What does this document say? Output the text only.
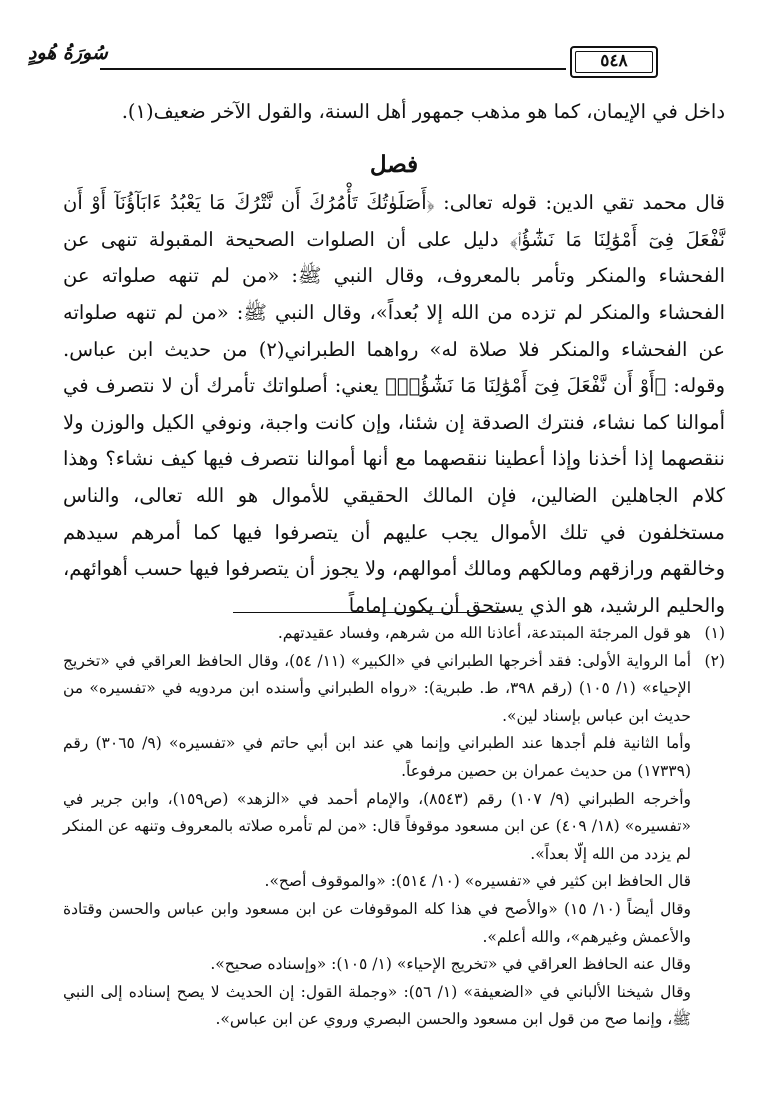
سُورَةُ هُودٍ	٥٤٨

داخل في الإيمان، كما هو مذهب جمهور أهل السنة، والقول الآخر ضعيف(١).

فصل

قال محمد تقي الدين: قوله تعالى: ﴿أَصَلَوٰتُكَ تَأْمُرُكَ أَن نَّتْرُكَ مَا يَعْبُدُ ءَابَآؤُنَآ أَوْ أَن نَّفْعَلَ فِىٓ أَمْوَٰلِنَا مَا نَشَٰٓؤُا۟﴾ دليل على أن الصلوات الصحيحة المقبولة تنهى عن الفحشاء والمنكر وتأمر بالمعروف، وقال النبي ﷺ: «من لم تنهه صلواته عن الفحشاء والمنكر لم تزده من الله إلا بُعداً»، وقال النبي ﷺ: «من لم تنهه صلواته عن الفحشاء والمنكر فلا صلاة له» رواهما الطبراني(٢) من حديث ابن عباس. وقوله: ﴿أَوْ أَن نَّفْعَلَ فِىٓ أَمْوَٰلِنَا مَا نَشَٰٓؤُا۟﴾ يعني: أصلواتك تأمرك أن لا نتصرف في أموالنا كما نشاء، فنترك الصدقة إن شئنا، وإن كانت واجبة، ونوفي الكيل والوزن ولا ننقصهما إذا أخذنا وإذا أعطينا ننقصهما مع أنها أموالنا نتصرف فيها كيف نشاء؟ وهذا كلام الجاهلين الضالين، فإن المالك الحقيقي للأموال هو الله تعالى، والناس مستخلفون في تلك الأموال يجب عليهم أن يتصرفوا فيها كما أمرهم سيدهم وخالقهم ورازقهم ومالكهم ومالك أموالهم، ولا يجوز أن يتصرفوا فيها حسب أهوائهم، والحليم الرشيد، هو الذي يستحق أن يكون إماماً

(١)

هو قول المرجئة المبتدعة، أعاذنا الله من شرهم، وفساد عقيدتهم.

(٢)

أما الرواية الأولى: فقد أخرجها الطبراني في «الكبير» (١١/ ٥٤)، وقال الحافظ العراقي في «تخريج الإحياء» (١/ ١٠٥) (رقم ٣٩٨، ط. طبرية): «رواه الطبراني وأسنده ابن مردويه في «تفسيره» من حديث ابن عباس بإسناد لين».

وأما الثانية فلم أجدها عند الطبراني وإنما هي عند ابن أبي حاتم في «تفسيره» (٩/ ٣٠٦٥) رقم (١٧٣٣٩) من حديث عمران بن حصين مرفوعاً.

وأخرجه الطبراني (٩/ ١٠٧) رقم (٨٥٤٣)، والإمام أحمد في «الزهد» (ص١٥٩)، وابن جرير في «تفسيره» (١٨/ ٤٠٩) عن ابن مسعود موقوفاً قال: «من لم تأمره صلاته بالمعروف وتنهه عن المنكر لم يزدد من الله إلّا بعداً».

قال الحافظ ابن كثير في «تفسيره» (١٠/ ٥١٤): «والموقوف أصح».

وقال أيضاً (١٠/ ١٥) «والأصح في هذا كله الموقوفات عن ابن مسعود وابن عباس والحسن وقتادة والأعمش وغيرهم»، والله أعلم».

وقال عنه الحافظ العراقي في «تخريج الإحياء» (١/ ١٠٥): «وإسناده صحيح».

وقال شيخنا الألباني في «الضعيفة» (١/ ٥٦): «وجملة القول: إن الحديث لا يصح إسناده إلى النبي ﷺ، وإنما صح من قول ابن مسعود والحسن البصري وروي عن ابن عباس».
